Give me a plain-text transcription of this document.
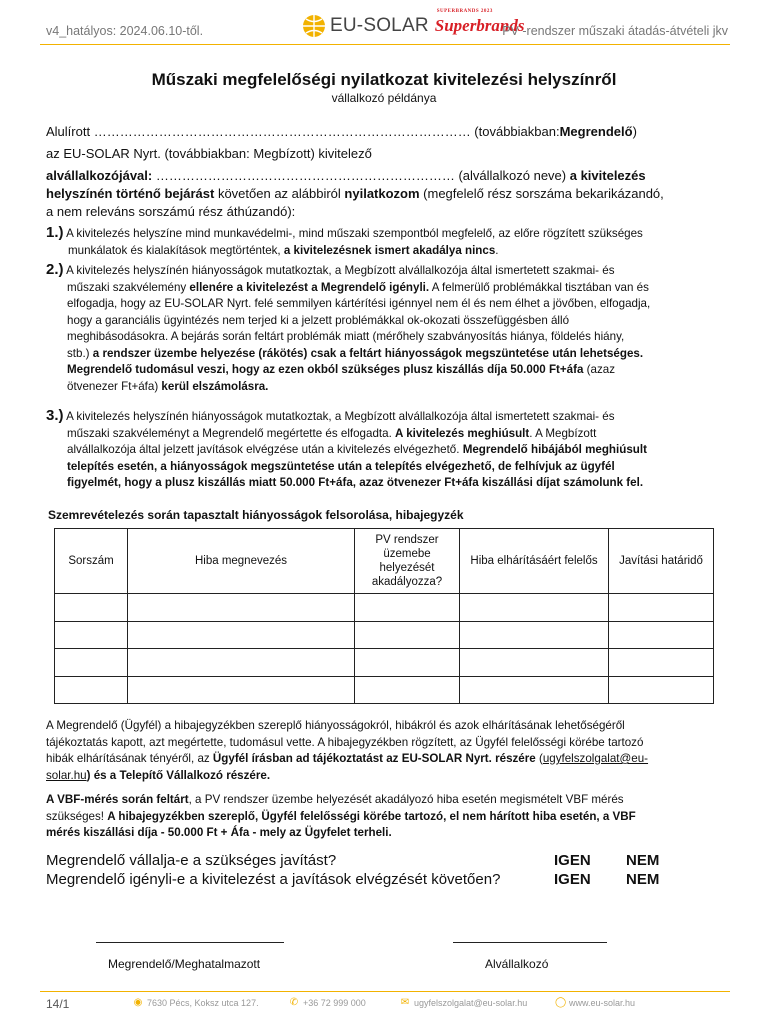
v4_hatályos: 2024.06.10-től.	EU-SOLAR
SUPERBRANDS 2023
Superbrands
PV -rendszer műszaki átadás-átvételi jkv
Műszaki megfelelőségi nyilatkozat kivitelezési helyszínről
vállalkozó példánya
Alulírott …………………………………………………………………………… (továbbiakban:Megrendelő)
az EU-SOLAR Nyrt. (továbbiakban: Megbízott) kivitelező
alvállalkozójával: …………………………………………………………… (alvállalkozó neve) a kivitelezés
helyszínén történő bejárást követően az alábbiról nyilatkozom (megfelelő rész sorszáma bekarikázandó,
a nem releváns sorszámú rész áthúzandó):
1.) A kivitelezés helyszíne mind munkavédelmi-, mind műszaki szempontból megfelelő, az előre rögzített szükséges
munkálatok és kialakítások megtörténtek, a kivitelezésnek ismert akadálya nincs.
2.) A kivitelezés helyszínén hiányosságok mutatkoztak, a Megbízott alvállalkozója által ismertetett szakmai- és
műszaki szakvélemény ellenére a kivitelezést a Megrendelő igényli. A felmerülő problémákkal tisztában van és
elfogadja, hogy az EU-SOLAR Nyrt. felé semmilyen kártérítési igénnyel nem él és nem élhet a jövőben, elfogadja,
hogy a garanciális ügyintézés nem terjed ki a jelzett problémákkal ok-okozati összefüggésben álló
meghibásodásokra. A bejárás során feltárt problémák miatt (mérőhely szabványosítás hiánya, földelés hiány,
stb.) a rendszer üzembe helyezése (rákötés) csak a feltárt hiányosságok megszüntetése után lehetséges.
Megrendelő tudomásul veszi, hogy az ezen okból szükséges plusz kiszállás díja 50.000 Ft+áfa (azaz
ötvenezer Ft+áfa) kerül elszámolásra.
3.) A kivitelezés helyszínén hiányosságok mutatkoztak, a Megbízott alvállalkozója által ismertetett szakmai- és
műszaki szakvéleményt a Megrendelő megértette és elfogadta. A kivitelezés meghiúsult. A Megbízott
alvállalkozója által jelzett javítások elvégzése után a kivitelezés elvégezhető. Megrendelő hibájából meghiúsult
telepítés esetén, a hiányosságok megszüntetése után a telepítés elvégezhető, de felhívjuk az ügyfél
figyelmét, hogy a plusz kiszállás miatt 50.000 Ft+áfa, azaz ötvenezer Ft+áfa kiszállási díjat számolunk fel.
Szemrevételezés során tapasztalt hiányosságok felsorolása, hibajegyzék
Sorszám	Hiba megnevezés	PV rendszer üzemebe helyezését akadályozza?	Hiba elhárításáért felelős	Javítási határidő

A Megrendelő (Ügyfél) a hibajegyzékben szereplő hiányosságokról, hibákról és azok elhárításának lehetőségéről
tájékoztatás kapott, azt megértette, tudomásul vette. A hibajegyzékben rögzített, az Ügyfél felelősségi körébe tartozó
hibák elhárításának tényéről, az Ügyfél írásban ad tájékoztatást az EU-SOLAR Nyrt. részére (ugyfelszolgalat@eu-
solar.hu) és a Telepítő Vállalkozó részére.
A VBF-mérés során feltárt, a PV rendszer üzembe helyezését akadályozó hiba esetén megismételt VBF mérés
szükséges! A hibajegyzékben szereplő, Ügyfél felelősségi körébe tartozó, el nem hárított hiba esetén, a VBF
mérés kiszállási díja - 50.000 Ft + Áfa - mely az Ügyfelet terheli.
Megrendelő vállalja-e a szükséges javítást?	IGEN NEM
Megrendelő igényli-e a kivitelezést a javítások elvégzését követően?	IGEN NEM
Megrendelő/Meghatalmazott	Alvállalkozó
14/1	◉ 7630 Pécs, Koksz utca 127.	✆ +36 72 999 000	✉ ugyfelszolgalat@eu-solar.hu	◯ www.eu-solar.hu
